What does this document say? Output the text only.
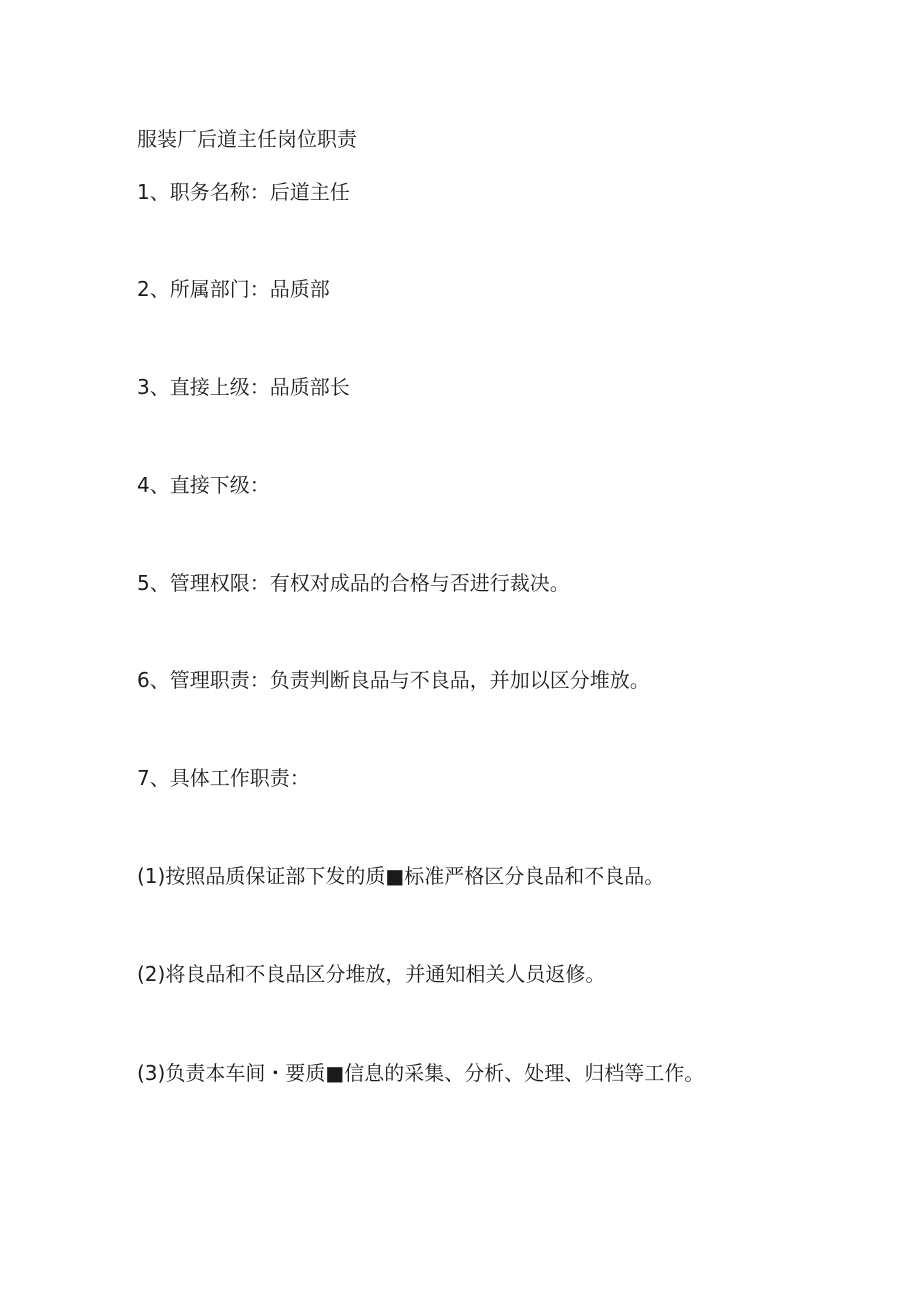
服装厂后道主任岗位职责
1、职务名称：后道主任
2、所属部门：品质部
3、直接上级：品质部长
4、直接下级：
5、管理权限：有权对成品的合格与否进行裁决。
6、管理职责：负责判断良品与不良品，并加以区分堆放。
7、具体工作职责：
(1)按照品质保证部下发的质■标准严格区分良品和不良品。
(2)将良品和不良品区分堆放，并通知相关人员返修。
(3)负责本车间・要质■信息的采集、分析、处理、归档等工作。
